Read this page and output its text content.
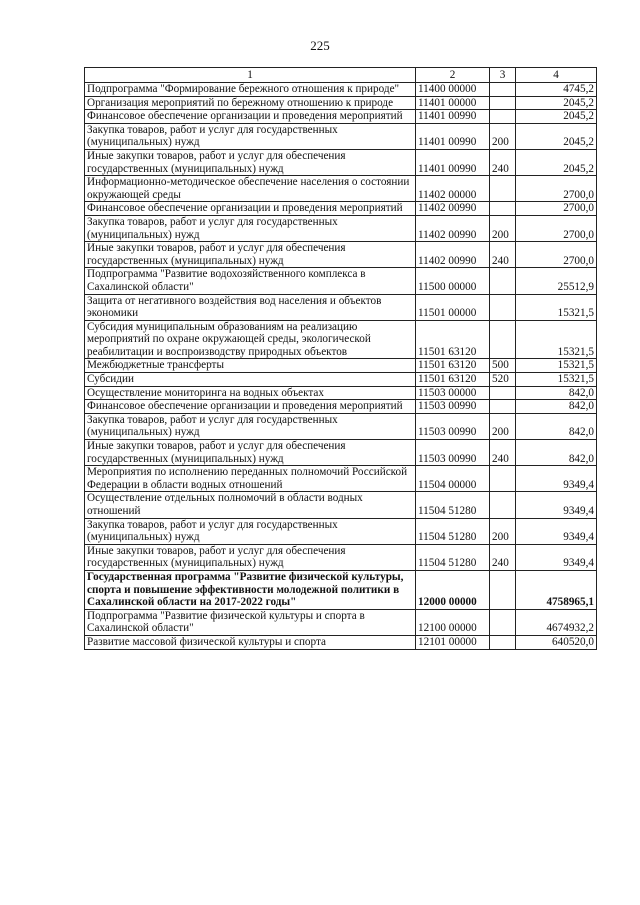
225
1	2	3	4
Подпрограмма "Формирование бережного отношения к природе"	11400 00000		4745,2
Организация мероприятий по бережному отношению к природе	11401 00000		2045,2
Финансовое обеспечение организации и проведения мероприятий	11401 00990		2045,2
Закупка товаров, работ и услуг для государственных (муниципальных) нужд	11401 00990	200	2045,2
Иные закупки товаров, работ и услуг для обеспечения государственных (муниципальных) нужд	11401 00990	240	2045,2
Информационно-методическое обеспечение населения о состоянии окружающей среды	11402 00000		2700,0
Финансовое обеспечение организации и проведения мероприятий	11402 00990		2700,0
Закупка товаров, работ и услуг для государственных (муниципальных) нужд	11402 00990	200	2700,0
Иные закупки товаров, работ и услуг для обеспечения государственных (муниципальных) нужд	11402 00990	240	2700,0
Подпрограмма "Развитие водохозяйственного комплекса в Сахалинской области"	11500 00000		25512,9
Защита от негативного воздействия вод населения и объектов экономики	11501 00000		15321,5
Субсидия муниципальным образованиям на реализацию мероприятий по охране окружающей среды, экологической реабилитации и воспроизводству природных объектов	11501 63120		15321,5
Межбюджетные трансферты	11501 63120	500	15321,5
Субсидии	11501 63120	520	15321,5
Осуществление мониторинга на водных объектах	11503 00000		842,0
Финансовое обеспечение организации и проведения мероприятий	11503 00990		842,0
Закупка товаров, работ и услуг для государственных (муниципальных) нужд	11503 00990	200	842,0
Иные закупки товаров, работ и услуг для обеспечения государственных (муниципальных) нужд	11503 00990	240	842,0
Мероприятия по исполнению переданных полномочий Российской Федерации в области водных отношений	11504 00000		9349,4
Осуществление отдельных полномочий в области водных отношений	11504 51280		9349,4
Закупка товаров, работ и услуг для государственных (муниципальных) нужд	11504 51280	200	9349,4
Иные закупки товаров, работ и услуг для обеспечения государственных (муниципальных) нужд	11504 51280	240	9349,4
Государственная программа "Развитие физической культуры, спорта и повышение эффективности молодежной политики в Сахалинской области на 2017-2022 годы"	12000 00000		4758965,1
Подпрограмма "Развитие физической культуры и спорта в Сахалинской области"	12100 00000		4674932,2
Развитие массовой физической культуры и спорта	12101 00000		640520,0
